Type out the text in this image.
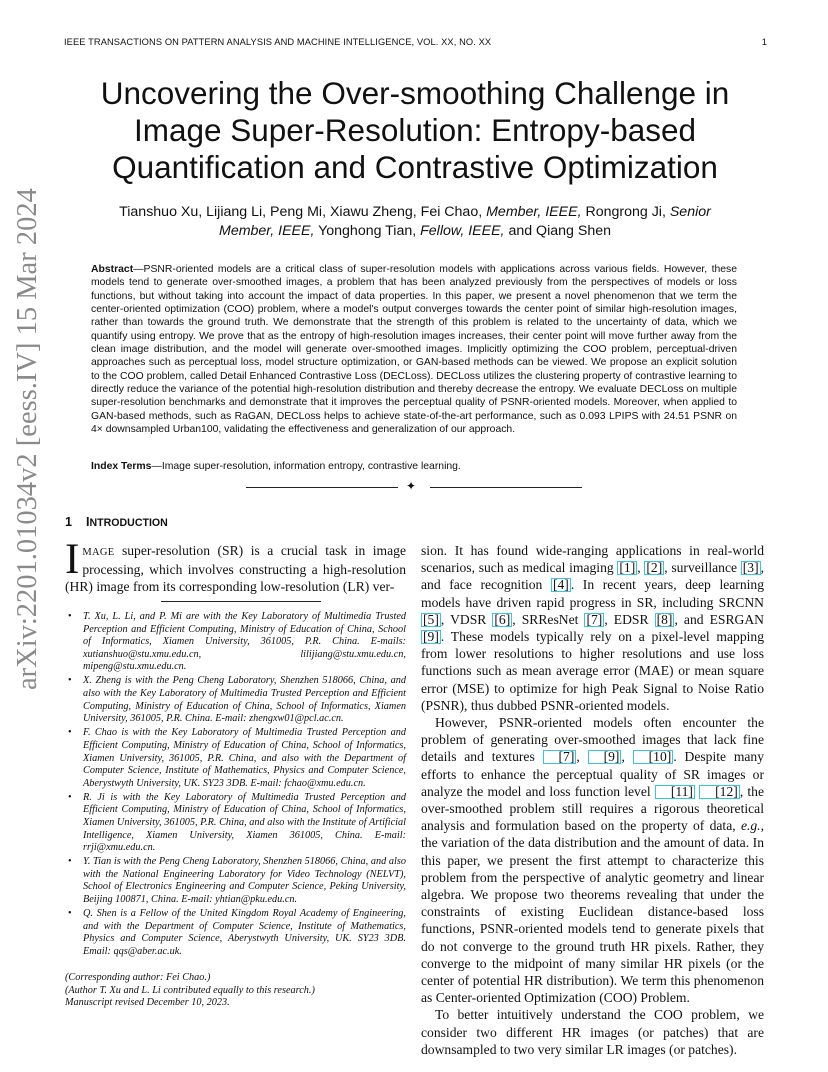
IEEE TRANSACTIONS ON PATTERN ANALYSIS AND MACHINE INTELLIGENCE, VOL. XX, NO. XX	1
arXiv:2201.01034v2 [eess.IV] 15 Mar 2024
Uncovering the Over-smoothing Challenge in Image Super-Resolution: Entropy-based Quantification and Contrastive Optimization
Tianshuo Xu, Lijiang Li, Peng Mi, Xiawu Zheng, Fei Chao, Member, IEEE, Rongrong Ji, Senior Member, IEEE, Yonghong Tian, Fellow, IEEE, and Qiang Shen
Abstract—PSNR-oriented models are a critical class of super-resolution models with applications across various fields. However, these models tend to generate over-smoothed images, a problem that has been analyzed previously from the perspectives of models or loss functions, but without taking into account the impact of data properties. In this paper, we present a novel phenomenon that we term the center-oriented optimization (COO) problem, where a model's output converges towards the center point of similar high-resolution images, rather than towards the ground truth. We demonstrate that the strength of this problem is related to the uncertainty of data, which we quantify using entropy. We prove that as the entropy of high-resolution images increases, their center point will move further away from the clean image distribution, and the model will generate over-smoothed images. Implicitly optimizing the COO problem, perceptual-driven approaches such as perceptual loss, model structure optimization, or GAN-based methods can be viewed. We propose an explicit solution to the COO problem, called Detail Enhanced Contrastive Loss (DECLoss). DECLoss utilizes the clustering property of contrastive learning to directly reduce the variance of the potential high-resolution distribution and thereby decrease the entropy. We evaluate DECLoss on multiple super-resolution benchmarks and demonstrate that it improves the perceptual quality of PSNR-oriented models. Moreover, when applied to GAN-based methods, such as RaGAN, DECLoss helps to achieve state-of-the-art performance, such as 0.093 LPIPS with 24.51 PSNR on 4× downsampled Urban100, validating the effectiveness and generalization of our approach.
Index Terms—Image super-resolution, information entropy, contrastive learning.
✦
1 INTRODUCTION
IMAGE super-resolution (SR) is a crucial task in image processing, which involves constructing a high-resolution (HR) image from its corresponding low-resolution (LR) ver-
• T. Xu, L. Li, and P. Mi are with the Key Laboratory of Multimedia Trusted Perception and Efficient Computing, Ministry of Education of China, School of Informatics, Xiamen University, 361005, P.R. China. E-mails: xutianshuo@stu.xmu.edu.cn, lilijiang@stu.xmu.edu.cn, mipeng@stu.xmu.edu.cn.
• X. Zheng is with the Peng Cheng Laboratory, Shenzhen 518066, China, and also with the Key Laboratory of Multimedia Trusted Perception and Efficient Computing, Ministry of Education of China, School of Informatics, Xiamen University, 361005, P.R. China. E-mail: zhengxw01@pcl.ac.cn.
• F. Chao is with the Key Laboratory of Multimedia Trusted Perception and Efficient Computing, Ministry of Education of China, School of Informatics, Xiamen University, 361005, P.R. China, and also with the Department of Computer Science, Institute of Mathematics, Physics and Computer Science, Aberystwyth University, UK. SY23 3DB. E-mail: fchao@xmu.edu.cn.
• R. Ji is with the Key Laboratory of Multimedia Trusted Perception and Efficient Computing, Ministry of Education of China, School of Informatics, Xiamen University, 361005, P.R. China, and also with the Institute of Artificial Intelligence, Xiamen University, Xiamen 361005, China. E-mail: rrji@xmu.edu.cn.
• Y. Tian is with the Peng Cheng Laboratory, Shenzhen 518066, China, and also with the National Engineering Laboratory for Video Technology (NELVT), School of Electronics Engineering and Computer Science, Peking University, Beijing 100871, China. E-mail: yhtian@pku.edu.cn.
• Q. Shen is a Fellow of the United Kingdom Royal Academy of Engineering, and with the Department of Computer Science, Institute of Mathematics, Physics and Computer Science, Aberystwyth University, UK. SY23 3DB. Email: qqs@aber.ac.uk.
(Corresponding author: Fei Chao.)
(Author T. Xu and L. Li contributed equally to this research.)
Manuscript revised December 10, 2023.

sion. It has found wide-ranging applications in real-world scenarios, such as medical imaging [1] , [2] , surveillance [3] , and face recognition [4] . In recent years, deep learning models have driven rapid progress in SR, including SRCNN [5] , VDSR [6] , SRResNet [7] , EDSR [8] , and ESRGAN [9] . These models typically rely on a pixel-level mapping from lower resolutions to higher resolutions and use loss functions such as mean average error (MAE) or mean square error (MSE) to optimize for high Peak Signal to Noise Ratio (PSNR), thus dubbed PSNR-oriented models.

However, PSNR-oriented models often encounter the problem of generating over-smoothed images that lack fine details and textures [7] , [9] , [10] . Despite many efforts to enhance the perceptual quality of SR images or analyze the model and loss function level [11] [12] , the over-smoothed problem still requires a rigorous theoretical analysis and formulation based on the property of data, e.g., the variation of the data distribution and the amount of data. In this paper, we present the first attempt to characterize this problem from the perspective of analytic geometry and linear algebra. We propose two theorems revealing that under the constraints of existing Euclidean distance-based loss functions, PSNR-oriented models tend to generate pixels that do not converge to the ground truth HR pixels. Rather, they converge to the midpoint of many similar HR pixels (or the center of potential HR distribution). We term this phenomenon as Center-oriented Optimization (COO) Problem.

To better intuitively understand the COO problem, we consider two different HR images (or patches) that are downsampled to two very similar LR images (or patches).
